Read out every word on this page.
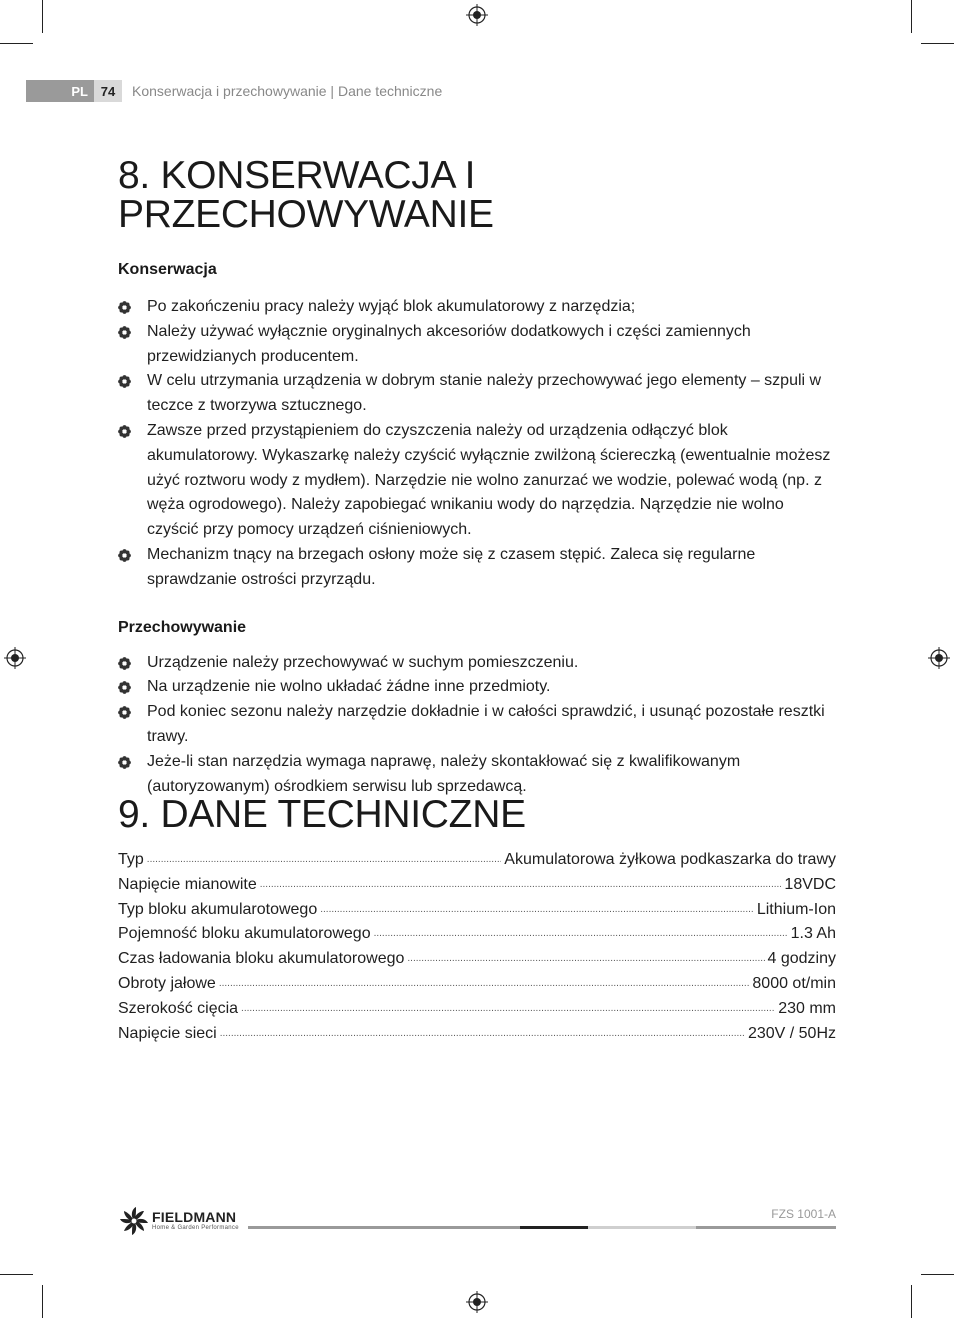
PL 74	Konserwacja i przechowywanie | Dane techniczne
8. KONSERWACJA I PRZECHOWYWANIE
Konserwacja
Po zakończeniu pracy należy wyjąć blok akumulatorowy z narzędzia;
Należy używać wyłącznie oryginalnych akcesoriów dodatkowych i części zamiennych przewidzianych producentem.
W celu utrzymania urządzenia w dobrym stanie należy przechowywać jego elementy – szpuli w teczce z tworzywa sztucznego.
Zawsze przed przystąpieniem do czyszczenia należy od urządzenia odłączyć blok akumulatorowy. Wykaszarkę należy czyścić wyłącznie zwilżoną ściereczką (ewentualnie możesz użyć roztworu wody z mydłem). Narzędzie nie wolno zanurzać we wodzie, polewać wodą (np. z węża ogrodowego). Należy zapobiegać wnikaniu wody do nąrzędzia. Nąrzędzie nie wolno czyścić przy pomocy urządzeń ciśnieniowych.
Mechanizm tnący na brzegach osłony może się z czasem stępić. Zaleca się regularne sprawdzanie ostrości przyrządu.
Przechowywanie
Urządzenie należy przechowywać w suchym pomieszczeniu.
Na urządzenie nie wolno układać żádne inne przedmioty.
Pod koniec sezonu należy narzędzie dokładnie i w całości sprawdzić, i usunąć pozostałe resztki trawy.
Jeże-li stan narzędzia wymaga naprawę, należy skontakłować się z kwalifikowanym (autoryzowanym) ośrodkiem serwisu lub sprzedawcą.
9. DANE TECHNICZNE
Typ .....	Akumulatorowa żyłkowa podkaszarka do trawy
Napięcie mianowite .....	18VDC
Typ bloku akumularotowego .....	Lithium-Ion
Pojemność bloku akumulatorowego .....	1.3 Ah
Czas ładowania bloku akumulatorowego .....	4 godziny
Obroty jałowe .....	8000 ot/min
Szerokość cięcia .....	230 mm
Napięcie sieci .....	230V / 50Hz
FIELDMANN
Home & Garden Performance
FZS 1001-A
